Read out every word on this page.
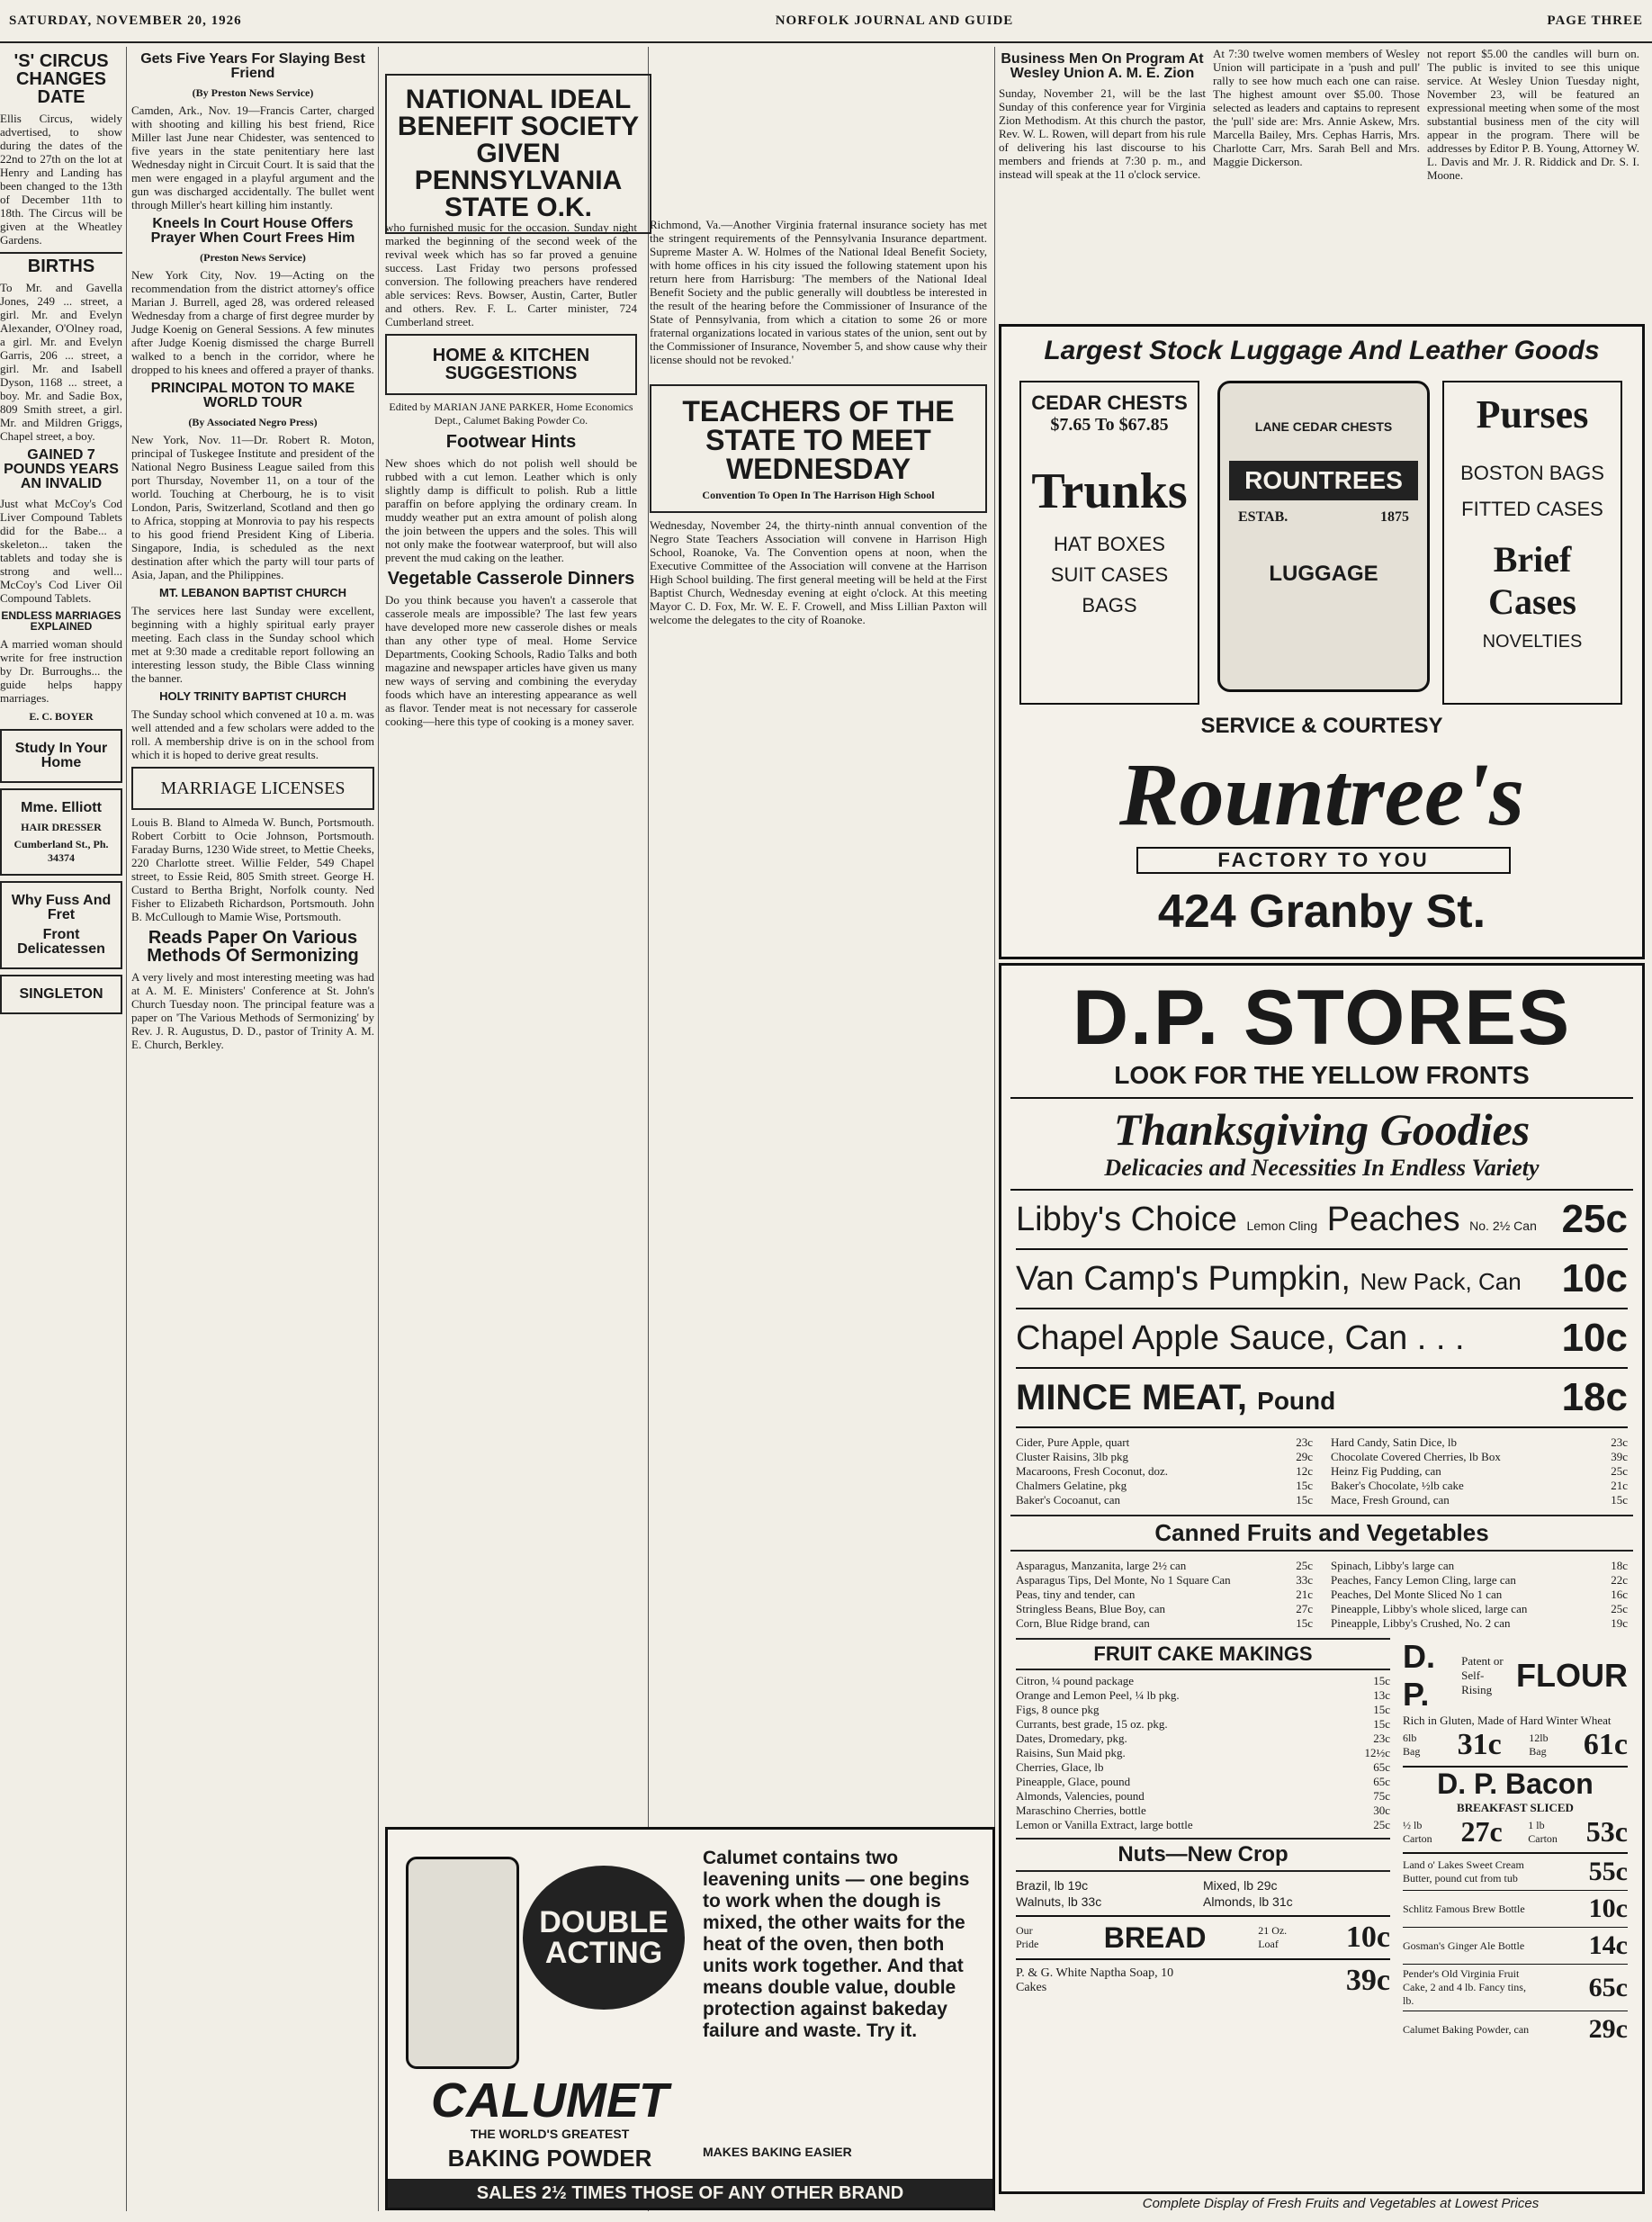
SATURDAY, NOVEMBER 20, 1926	NORFOLK JOURNAL AND GUIDE	PAGE THREE
'S' CIRCUS CHANGES DATE

Ellis Circus, widely advertised, to show during the dates of the 22nd to 27th on the lot at Henry and Landing has been changed to the 13th of December 11th to 18th. The Circus will be given at the Wheatley Gardens.

BIRTHS

To Mr. and Gavella Jones, 249 ... street, a girl. Mr. and Evelyn Alexander, O'Olney road, a girl. Mr. and Evelyn Garris, 206 ... street, a girl. Mr. and Isabell Dyson, 1168 ... street, a boy. Mr. and Sadie Box, 809 Smith street, a girl. Mr. and Mildren Griggs, Chapel street, a boy.

GAINED 7 POUNDS YEARS AN INVALID

Just what McCoy's Cod Liver Compound Tablets did for the Babe... a skeleton... taken the tablets and today she is strong and well... McCoy's Cod Liver Oil Compound Tablets.

ENDLESS MARRIAGES EXPLAINED

A married woman should write for free instruction by Dr. Burroughs... the guide helps happy marriages.

E. C. BOYER
Study In Your Home
Mme. Elliott
HAIR DRESSER
Cumberland St., Ph. 34374
Why Fuss And Fret
Front Delicatessen
SINGLETON
Gets Five Years For Slaying Best Friend
(By Preston News Service)

Camden, Ark., Nov. 19—Francis Carter, charged with shooting and killing his best friend, Rice Miller last June near Chidester, was sentenced to five years in the state penitentiary here last Wednesday night in Circuit Court. It is said that the men were engaged in a playful argument and the gun was discharged accidentally. The bullet went through Miller's heart killing him instantly.

Kneels In Court House Offers Prayer When Court Frees Him
(Preston News Service)

New York City, Nov. 19—Acting on the recommendation from the district attorney's office Marian J. Burrell, aged 28, was ordered released Wednesday from a charge of first degree murder by Judge Koenig on General Sessions. A few minutes after Judge Koenig dismissed the charge Burrell walked to a bench in the corridor, where he dropped to his knees and offered a prayer of thanks.

PRINCIPAL MOTON TO MAKE WORLD TOUR
(By Associated Negro Press)

New York, Nov. 11—Dr. Robert R. Moton, principal of Tuskegee Institute and president of the National Negro Business League sailed from this port Thursday, November 11, on a tour of the world. Touching at Cherbourg, he is to visit London, Paris, Switzerland, Scotland and then go to Africa, stopping at Monrovia to pay his respects to his good friend President King of Liberia. Singapore, India, is scheduled as the next destination after which the party will tour parts of Asia, Japan, and the Philippines.

MT. LEBANON BAPTIST CHURCH

The services here last Sunday were excellent, beginning with a highly spiritual early prayer meeting. Each class in the Sunday school which met at 9:30 made a creditable report following an interesting lesson study, the Bible Class winning the banner.

HOLY TRINITY BAPTIST CHURCH

The Sunday school which convened at 10 a. m. was well attended and a few scholars were added to the roll. A membership drive is on in the school from which it is hoped to derive great results.

MARRIAGE LICENSES

Louis B. Bland to Almeda W. Bunch, Portsmouth. Robert Corbitt to Ocie Johnson, Portsmouth. Faraday Burns, 1230 Wide street, to Mettie Cheeks, 220 Charlotte street. Willie Felder, 549 Chapel street, to Essie Reid, 805 Smith street. George H. Custard to Bertha Bright, Norfolk county. Ned Fisher to Elizabeth Richardson, Portsmouth. John B. McCullough to Mamie Wise, Portsmouth.

Reads Paper On Various Methods Of Sermonizing

A very lively and most interesting meeting was had at A. M. E. Ministers' Conference at St. John's Church Tuesday noon. The principal feature was a paper on 'The Various Methods of Sermonizing' by Rev. J. R. Augustus, D. D., pastor of Trinity A. M. E. Church, Berkley.

NATIONAL IDEAL BENEFIT SOCIETY GIVEN PENNSYLVANIA STATE O.K.

who furnished music for the occasion. Sunday night marked the beginning of the second week of the revival week which has so far proved a genuine success. Last Friday two persons professed conversion. The following preachers have rendered able services: Revs. Bowser, Austin, Carter, Butler and others. Rev. F. L. Carter minister, 724 Cumberland street.

HOME & KITCHEN SUGGESTIONS
Edited by MARIAN JANE PARKER, Home Economics Dept., Calumet Baking Powder Co.
Footwear Hints

New shoes which do not polish well should be rubbed with a cut lemon. Leather which is only slightly damp is difficult to polish. Rub a little paraffin on before applying the ordinary cream. In muddy weather put an extra amount of polish along the join between the uppers and the soles. This will not only make the footwear waterproof, but will also prevent the mud caking on the leather.

Vegetable Casserole Dinners

Do you think because you haven't a casserole that casserole meals are impossible? The last few years have developed more new casserole dishes or meals than any other type of meal. Home Service Departments, Cooking Schools, Radio Talks and both magazine and newspaper articles have given us many new ways of serving and combining the everyday foods which have an interesting appearance as well as flavor. Tender meat is not necessary for casserole cooking—here this type of cooking is a money saver.

Richmond, Va.—Another Virginia fraternal insurance society has met the stringent requirements of the Pennsylvania Insurance department. Supreme Master A. W. Holmes of the National Ideal Benefit Society, with home offices in his city issued the following statement upon his return here from Harrisburg: 'The members of the National Ideal Benefit Society and the public generally will doubtless be interested in the result of the hearing before the Commissioner of Insurance of the State of Pennsylvania, from which a citation to some 26 or more fraternal organizations located in various states of the union, sent out by the Commissioner of Insurance, November 5, and show cause why their license should not be revoked.'

TEACHERS OF THE STATE TO MEET WEDNESDAY
Convention To Open In The Harrison High School

Wednesday, November 24, the thirty-ninth annual convention of the Negro State Teachers Association will convene in Harrison High School, Roanoke, Va. The Convention opens at noon, when the Executive Committee of the Association will convene at the Harrison High School building. The first general meeting will be held at the First Baptist Church, Wednesday evening at eight o'clock. At this meeting Mayor C. D. Fox, Mr. W. E. F. Crowell, and Miss Lillian Paxton will welcome the delegates to the city of Roanoke.

DOUBLE ACTING
Calumet contains two leavening units — one begins to work when the dough is mixed, the other waits for the heat of the oven, then both units work together. And that means double value, double protection against bakeday failure and waste. Try it.
MAKES BAKING EASIER
CALUMET
THE WORLD'S GREATEST
BAKING POWDER
SALES 2½ TIMES THOSE OF ANY OTHER BRAND
Business Men On Program At Wesley Union A. M. E. Zion

Sunday, November 21, will be the last Sunday of this conference year for Virginia Zion Methodism. At this church the pastor, Rev. W. L. Rowen, will depart from his rule of delivering his last discourse to his members and friends at 7:30 p. m., and instead will speak at the 11 o'clock service.

At 7:30 twelve women members of Wesley Union will participate in a 'push and pull' rally to see how much each one can raise. The highest amount over $5.00. Those selected as leaders and captains to represent the 'pull' side are: Mrs. Annie Askew, Mrs. Marcella Bailey, Mrs. Cephas Harris, Mrs. Charlotte Carr, Mrs. Sarah Bell and Mrs. Maggie Dickerson.

not report $5.00 the candles will burn on. The public is invited to see this unique service. At Wesley Union Tuesday night, November 23, will be featured an expressional meeting when some of the most substantial business men of the city will appear in the program. There will be addresses by Editor P. B. Young, Attorney W. L. Davis and Mr. J. R. Riddick and Dr. S. I. Moone.

Largest Stock Luggage And Leather Goods
CEDAR CHESTS
$7.65 To $67.85
Trunks
HAT BOXES
SUIT CASES
BAGS
LANE CEDAR CHESTS
ROUNTREES
ESTAB.	1875
LUGGAGE
Purses
BOSTON BAGS
FITTED CASES
Brief Cases
NOVELTIES
SERVICE & COURTESY
Rountree's
FACTORY TO YOU
424 Granby St.
D.P. STORES
LOOK FOR THE YELLOW FRONTS
Thanksgiving Goodies
Delicacies and Necessities In Endless Variety
Libby's Choice Lemon Cling Peaches No. 2½ Can 25c
Van Camp's Pumpkin, New Pack, Can 10c
Chapel Apple Sauce, Can . . . 10c
MINCE MEAT, Pound	18c
Cider, Pure Apple, quart	23c
Cluster Raisins, 3lb pkg	29c
Macaroons, Fresh Coconut, doz.	12c
Chalmers Gelatine, pkg	15c
Baker's Cocoanut, can	15c
Hard Candy, Satin Dice, lb	23c
Chocolate Covered Cherries, lb Box	39c
Heinz Fig Pudding, can	25c
Baker's Chocolate, ½lb cake	21c
Mace, Fresh Ground, can	15c
Canned Fruits and Vegetables
Asparagus, Manzanita, large 2½ can	25c
Asparagus Tips, Del Monte, No 1 Square Can	33c
Peas, tiny and tender, can	21c
Stringless Beans, Blue Boy, can	27c
Corn, Blue Ridge brand, can	15c
Spinach, Libby's large can	18c
Peaches, Fancy Lemon Cling, large can	22c
Peaches, Del Monte Sliced No 1 can	16c
Pineapple, Libby's whole sliced, large can	25c
Pineapple, Libby's Crushed, No. 2 can	19c
FRUIT CAKE MAKINGS
Citron, ¼ pound package	15c
Orange and Lemon Peel, ¼ lb pkg.	13c
Figs, 8 ounce pkg	15c
Currants, best grade, 15 oz. pkg.	15c
Dates, Dromedary, pkg.	23c
Raisins, Sun Maid pkg.	12½c
Cherries, Glace, lb	65c
Pineapple, Glace, pound	65c
Almonds, Valencies, pound	75c
Maraschino Cherries, bottle	30c
Lemon or Vanilla Extract, large bottle	25c
Nuts—New Crop
Brazil, lb 19c	Mixed, lb 29c
Walnuts, lb 33c	Almonds, lb 31c
Our Pride	BREAD	21 Oz. Loaf	10c
P. & G. White Naptha Soap, 10 Cakes	39c
D. P.
Patent or Self-Rising FLOUR
Rich in Gluten, Made of Hard Winter Wheat
6lb Bag	31c	12lb Bag	61c
D. P. Bacon
BREAKFAST SLICED
½ lb Carton 27c 1 lb Carton 53c
Land o' Lakes Sweet Cream Butter, pound cut from tub	55c
Schlitz Famous Brew Bottle	10c
Gosman's Ginger Ale Bottle	14c
Pender's Old Virginia Fruit Cake, 2 and 4 lb. Fancy tins, lb.	65c
Calumet Baking Powder, can	29c
Complete Display of Fresh Fruits and Vegetables at Lowest Prices
